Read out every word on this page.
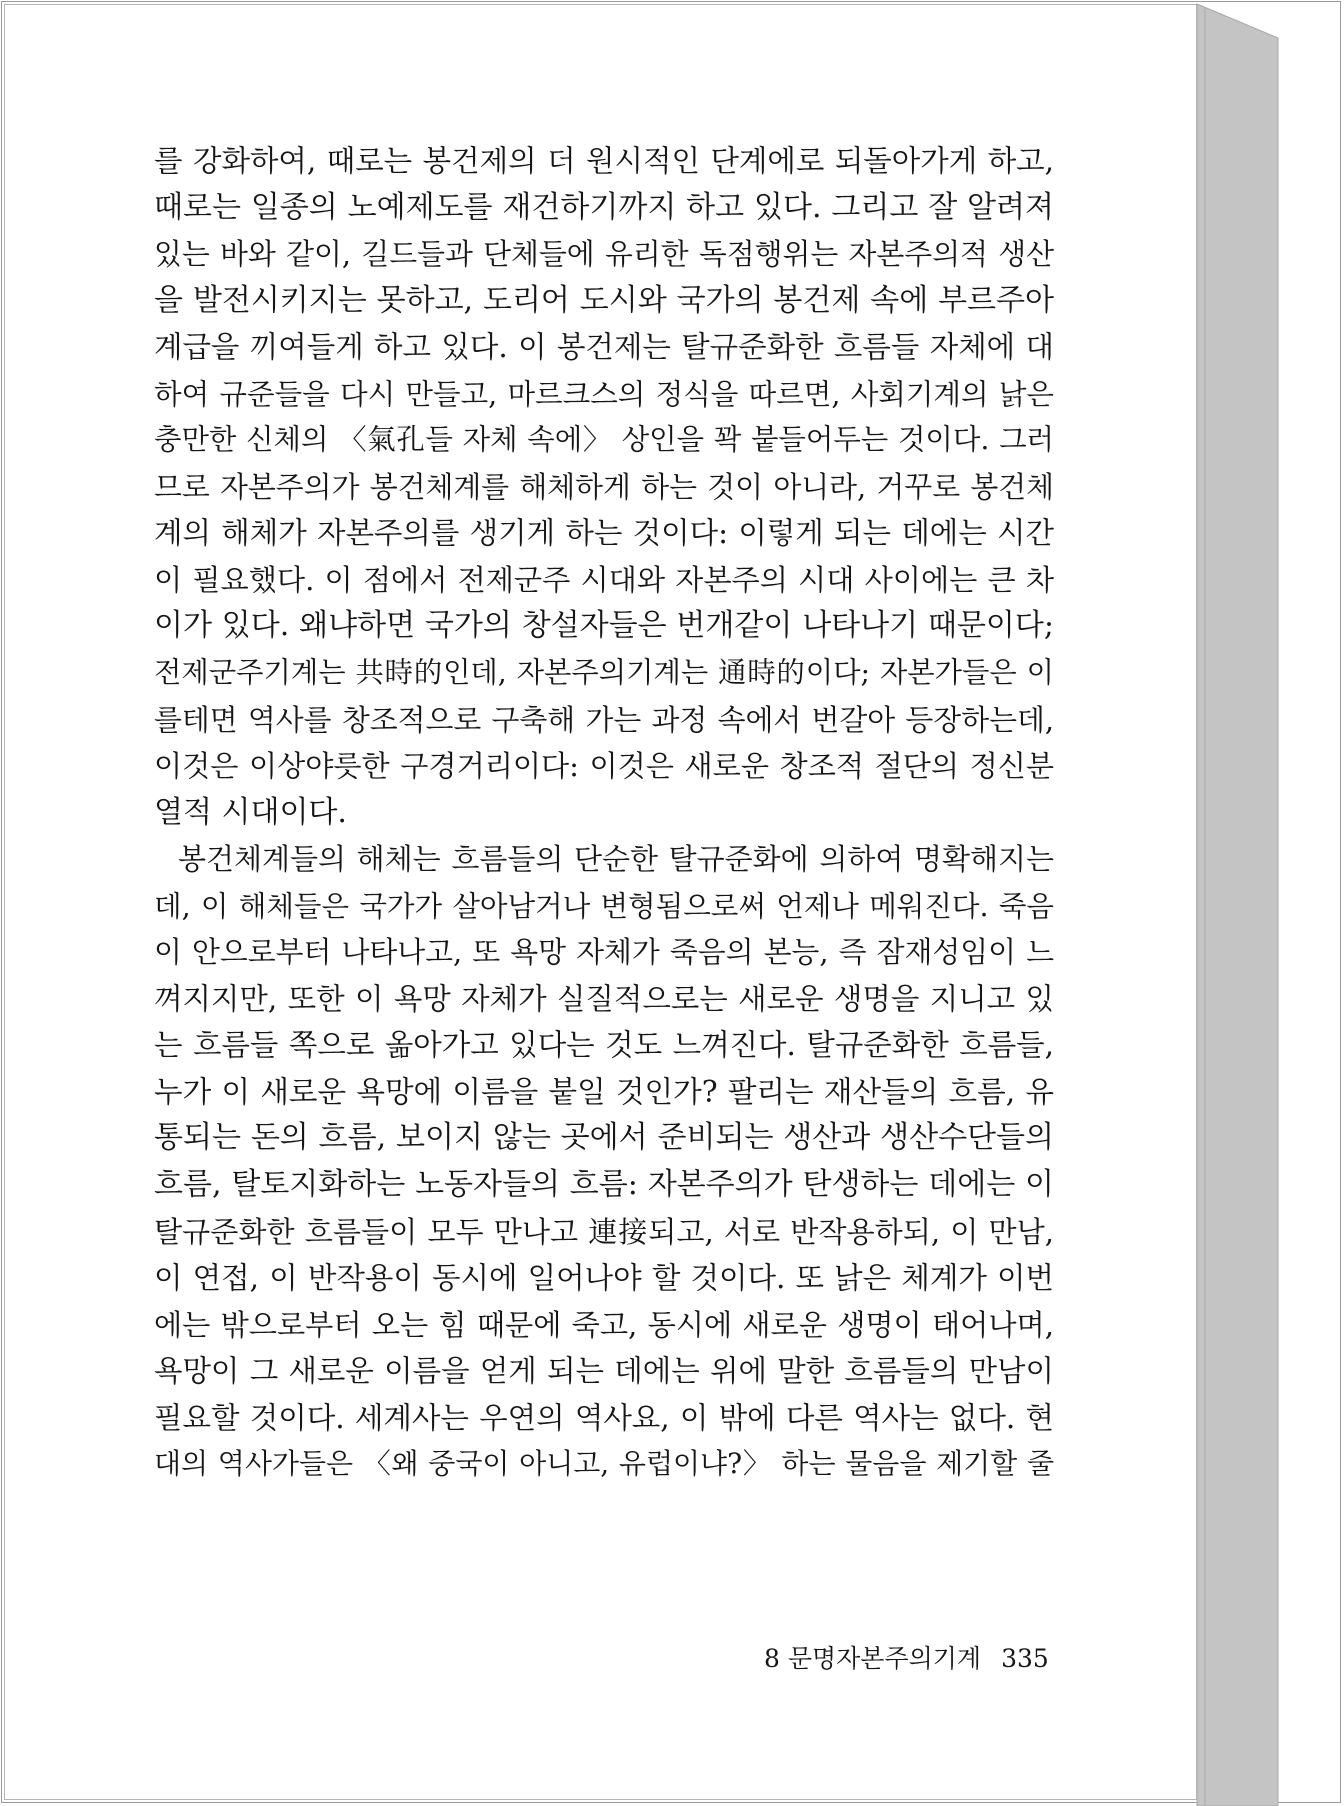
를 강화하여, 때로는 봉건제의 더 원시적인 단계에로 되돌아가게 하고,
때로는 일종의 노예제도를 재건하기까지 하고 있다. 그리고 잘 알려져
있는 바와 같이, 길드들과 단체들에 유리한 독점행위는 자본주의적 생산
을 발전시키지는 못하고, 도리어 도시와 국가의 봉건제 속에 부르주아
계급을 끼여들게 하고 있다. 이 봉건제는 탈규준화한 흐름들 자체에 대
하여 규준들을 다시 만들고, 마르크스의 정식을 따르면, 사회기계의 낡은
충만한 신체의 〈氣孔들 자체 속에〉 상인을 꽉 붙들어두는 것이다. 그러
므로 자본주의가 봉건체계를 해체하게 하는 것이 아니라, 거꾸로 봉건체
계의 해체가 자본주의를 생기게 하는 것이다: 이렇게 되는 데에는 시간
이 필요했다. 이 점에서 전제군주 시대와 자본주의 시대 사이에는 큰 차
이가 있다. 왜냐하면 국가의 창설자들은 번개같이 나타나기 때문이다;
전제군주기계는 共時的인데, 자본주의기계는 通時的이다; 자본가들은 이
를테면 역사를 창조적으로 구축해 가는 과정 속에서 번갈아 등장하는데,
이것은 이상야릇한 구경거리이다: 이것은 새로운 창조적 절단의 정신분
열적 시대이다.
봉건체계들의 해체는 흐름들의 단순한 탈규준화에 의하여 명확해지는
데, 이 해체들은 국가가 살아남거나 변형됨으로써 언제나 메워진다. 죽음
이 안으로부터 나타나고, 또 욕망 자체가 죽음의 본능, 즉 잠재성임이 느
껴지지만, 또한 이 욕망 자체가 실질적으로는 새로운 생명을 지니고 있
는 흐름들 쪽으로 옮아가고 있다는 것도 느껴진다. 탈규준화한 흐름들,
누가 이 새로운 욕망에 이름을 붙일 것인가? 팔리는 재산들의 흐름, 유
통되는 돈의 흐름, 보이지 않는 곳에서 준비되는 생산과 생산수단들의
흐름, 탈토지화하는 노동자들의 흐름: 자본주의가 탄생하는 데에는 이
탈규준화한 흐름들이 모두 만나고 連接되고, 서로 반작용하되, 이 만남,
이 연접, 이 반작용이 동시에 일어나야 할 것이다. 또 낡은 체계가 이번
에는 밖으로부터 오는 힘 때문에 죽고, 동시에 새로운 생명이 태어나며,
욕망이 그 새로운 이름을 얻게 되는 데에는 위에 말한 흐름들의 만남이
필요할 것이다. 세계사는 우연의 역사요, 이 밖에 다른 역사는 없다. 현
대의 역사가들은 〈왜 중국이 아니고, 유럽이냐?〉 하는 물음을 제기할 줄
8 문명자본주의기계 335
